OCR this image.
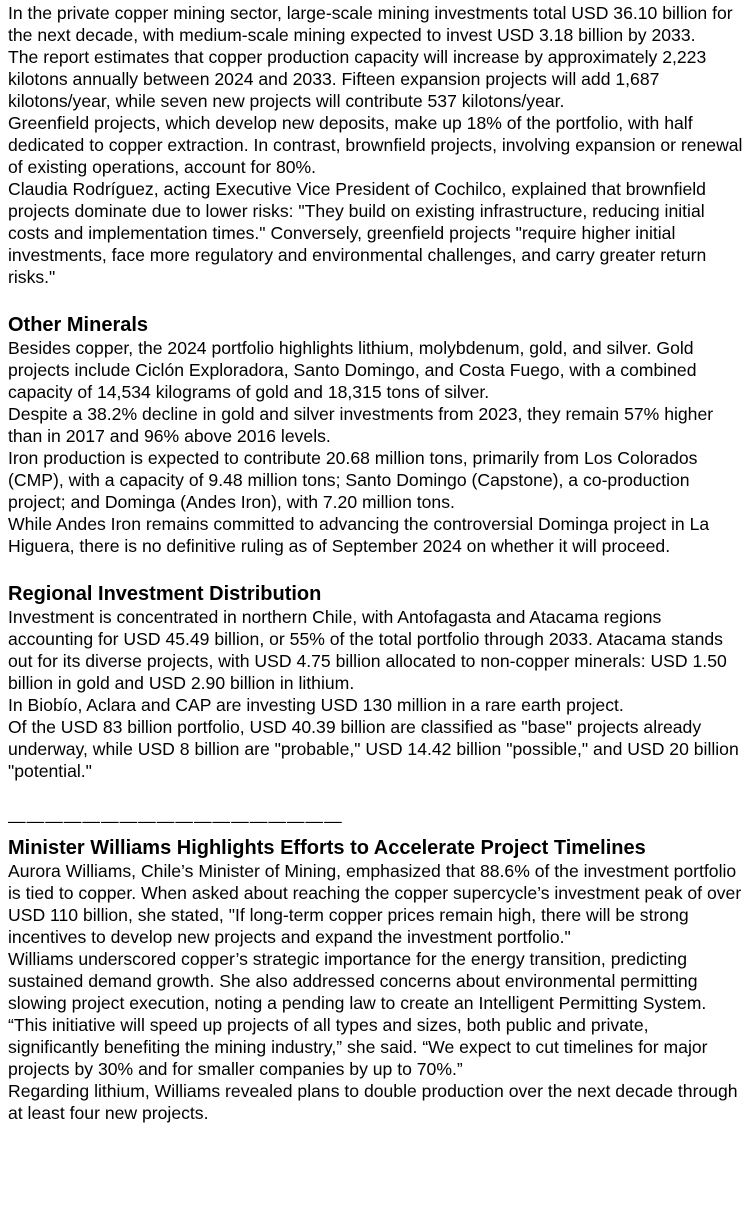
In the private copper mining sector, large-scale mining investments total USD 36.10 billion for the next decade, with medium-scale mining expected to invest USD 3.18 billion by 2033.

The report estimates that copper production capacity will increase by approximately 2,223 kilotons annually between 2024 and 2033. Fifteen expansion projects will add 1,687 kilotons/year, while seven new projects will contribute 537 kilotons/year.

Greenfield projects, which develop new deposits, make up 18% of the portfolio, with half dedicated to copper extraction. In contrast, brownfield projects, involving expansion or renewal of existing operations, account for 80%.

Claudia Rodríguez, acting Executive Vice President of Cochilco, explained that brownfield projects dominate due to lower risks: "They build on existing infrastructure, reducing initial costs and implementation times." Conversely, greenfield projects "require higher initial investments, face more regulatory and environmental challenges, and carry greater return risks."

Other Minerals

Besides copper, the 2024 portfolio highlights lithium, molybdenum, gold, and silver. Gold projects include Ciclón Exploradora, Santo Domingo, and Costa Fuego, with a combined capacity of 14,534 kilograms of gold and 18,315 tons of silver.

Despite a 38.2% decline in gold and silver investments from 2023, they remain 57% higher than in 2017 and 96% above 2016 levels.

Iron production is expected to contribute 20.68 million tons, primarily from Los Colorados (CMP), with a capacity of 9.48 million tons; Santo Domingo (Capstone), a co-production project; and Dominga (Andes Iron), with 7.20 million tons.

While Andes Iron remains committed to advancing the controversial Dominga project in La Higuera, there is no definitive ruling as of September 2024 on whether it will proceed.

Regional Investment Distribution

Investment is concentrated in northern Chile, with Antofagasta and Atacama regions accounting for USD 45.49 billion, or 55% of the total portfolio through 2033. Atacama stands out for its diverse projects, with USD 4.75 billion allocated to non-copper minerals: USD 1.50 billion in gold and USD 2.90 billion in lithium.

In Biobío, Aclara and CAP are investing USD 130 million in a rare earth project.

Of the USD 83 billion portfolio, USD 40.39 billion are classified as "base" projects already underway, while USD 8 billion are "probable," USD 14.42 billion "possible," and USD 20 billion "potential."

——————————————————
Minister Williams Highlights Efforts to Accelerate Project Timelines

Aurora Williams, Chile’s Minister of Mining, emphasized that 88.6% of the investment portfolio is tied to copper. When asked about reaching the copper supercycle’s investment peak of over USD 110 billion, she stated, "If long-term copper prices remain high, there will be strong incentives to develop new projects and expand the investment portfolio."

Williams underscored copper’s strategic importance for the energy transition, predicting sustained demand growth. She also addressed concerns about environmental permitting slowing project execution, noting a pending law to create an Intelligent Permitting System.

“This initiative will speed up projects of all types and sizes, both public and private, significantly benefiting the mining industry,” she said. “We expect to cut timelines for major projects by 30% and for smaller companies by up to 70%.”

Regarding lithium, Williams revealed plans to double production over the next decade through at least four new projects.
